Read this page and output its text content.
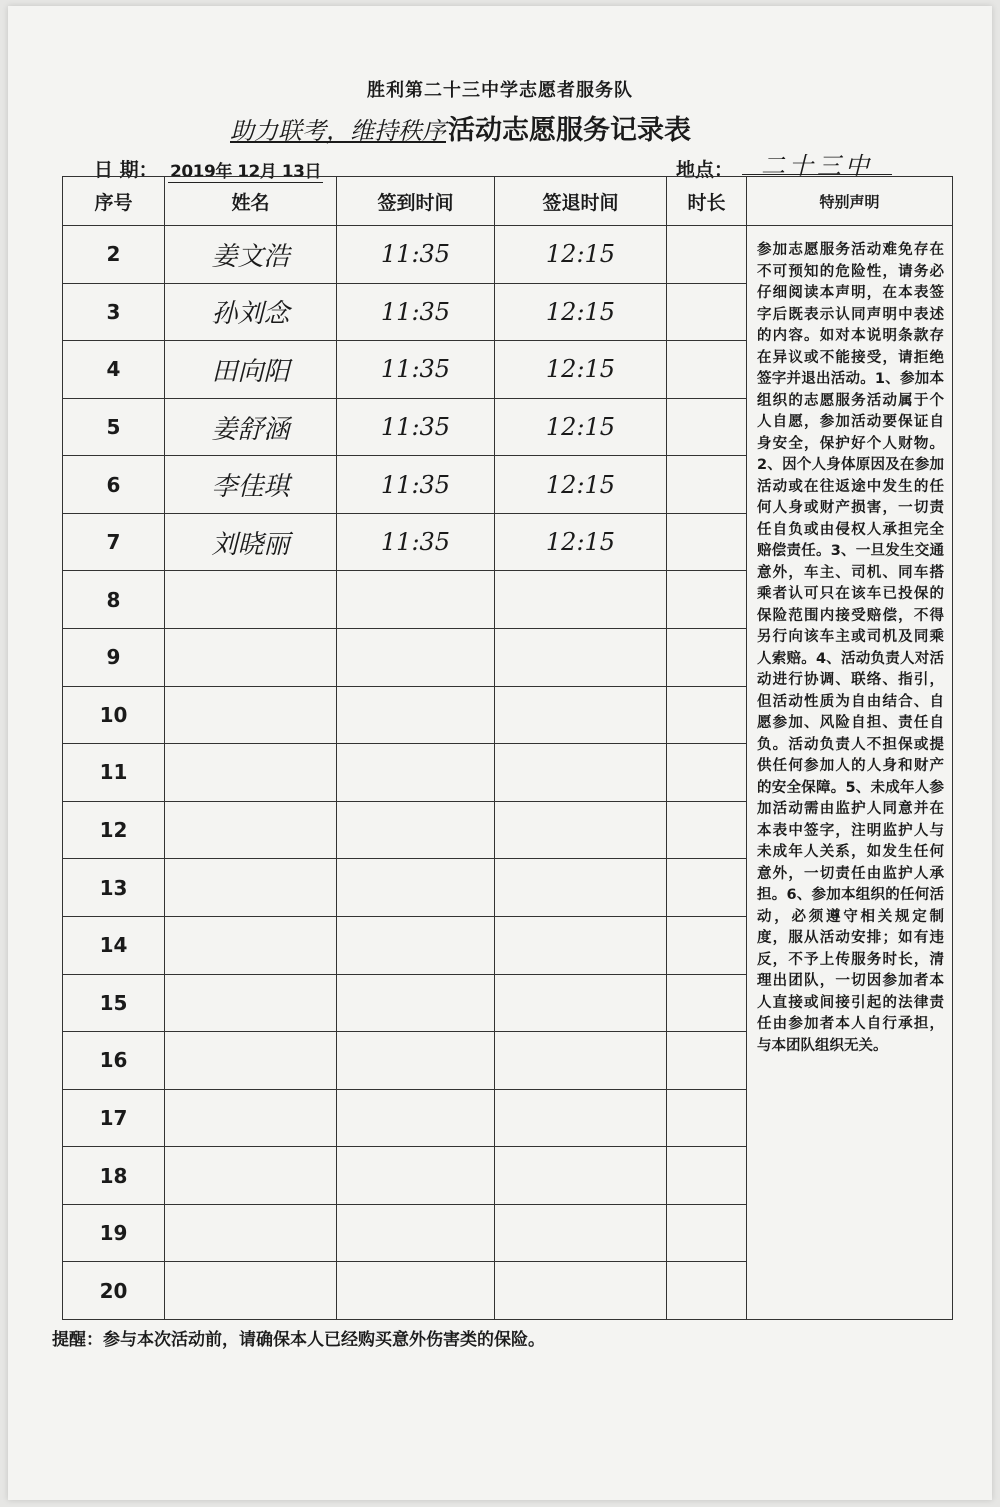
胜利第二十三中学志愿者服务队
助力联考，维持秩序活动志愿服务记录表
日 期： 2019年 12月 13日	地点：	二十三中
序号	姓名	签到时间	签退时间	时长	特别声明
2	姜文浩	11:35	12:15		参加志愿服务活动难免存在不可预知的危险性，请务必仔细阅读本声明，在本表签字后既表示认同声明中表述的内容。如对本说明条款存在异议或不能接受，请拒绝签字并退出活动。1、参加本组织的志愿服务活动属于个人自愿，参加活动要保证自身安全，保护好个人财物。2、因个人身体原因及在参加活动或在往返途中发生的任何人身或财产损害，一切责任自负或由侵权人承担完全赔偿责任。3、一旦发生交通意外，车主、司机、同车搭乘者认可只在该车已投保的保险范围内接受赔偿，不得另行向该车主或司机及同乘人索赔。4、活动负责人对活动进行协调、联络、指引，但活动性质为自由结合、自愿参加、风险自担、责任自负。活动负责人不担保或提供任何参加人的人身和财产的安全保障。5、未成年人参加活动需由监护人同意并在本表中签字，注明监护人与未成年人关系，如发生任何意外，一切责任由监护人承担。6、参加本组织的任何活动，必须遵守相关规定制度，服从活动安排；如有违反，不予上传服务时长，清理出团队，一切因参加者本人直接或间接引起的法律责任由参加者本人自行承担，与本团队组织无关。
3	孙刘念	11:35	12:15		
4	田向阳	11:35	12:15		
5	姜舒涵	11:35	12:15		
6	李佳琪	11:35	12:15		
7	刘晓丽	11:35	12:15		
8					
9					
10					
11					
12					
13					
14					
15					
16					
17					
18					
19					
20					
提醒：参与本次活动前，请确保本人已经购买意外伤害类的保险。
